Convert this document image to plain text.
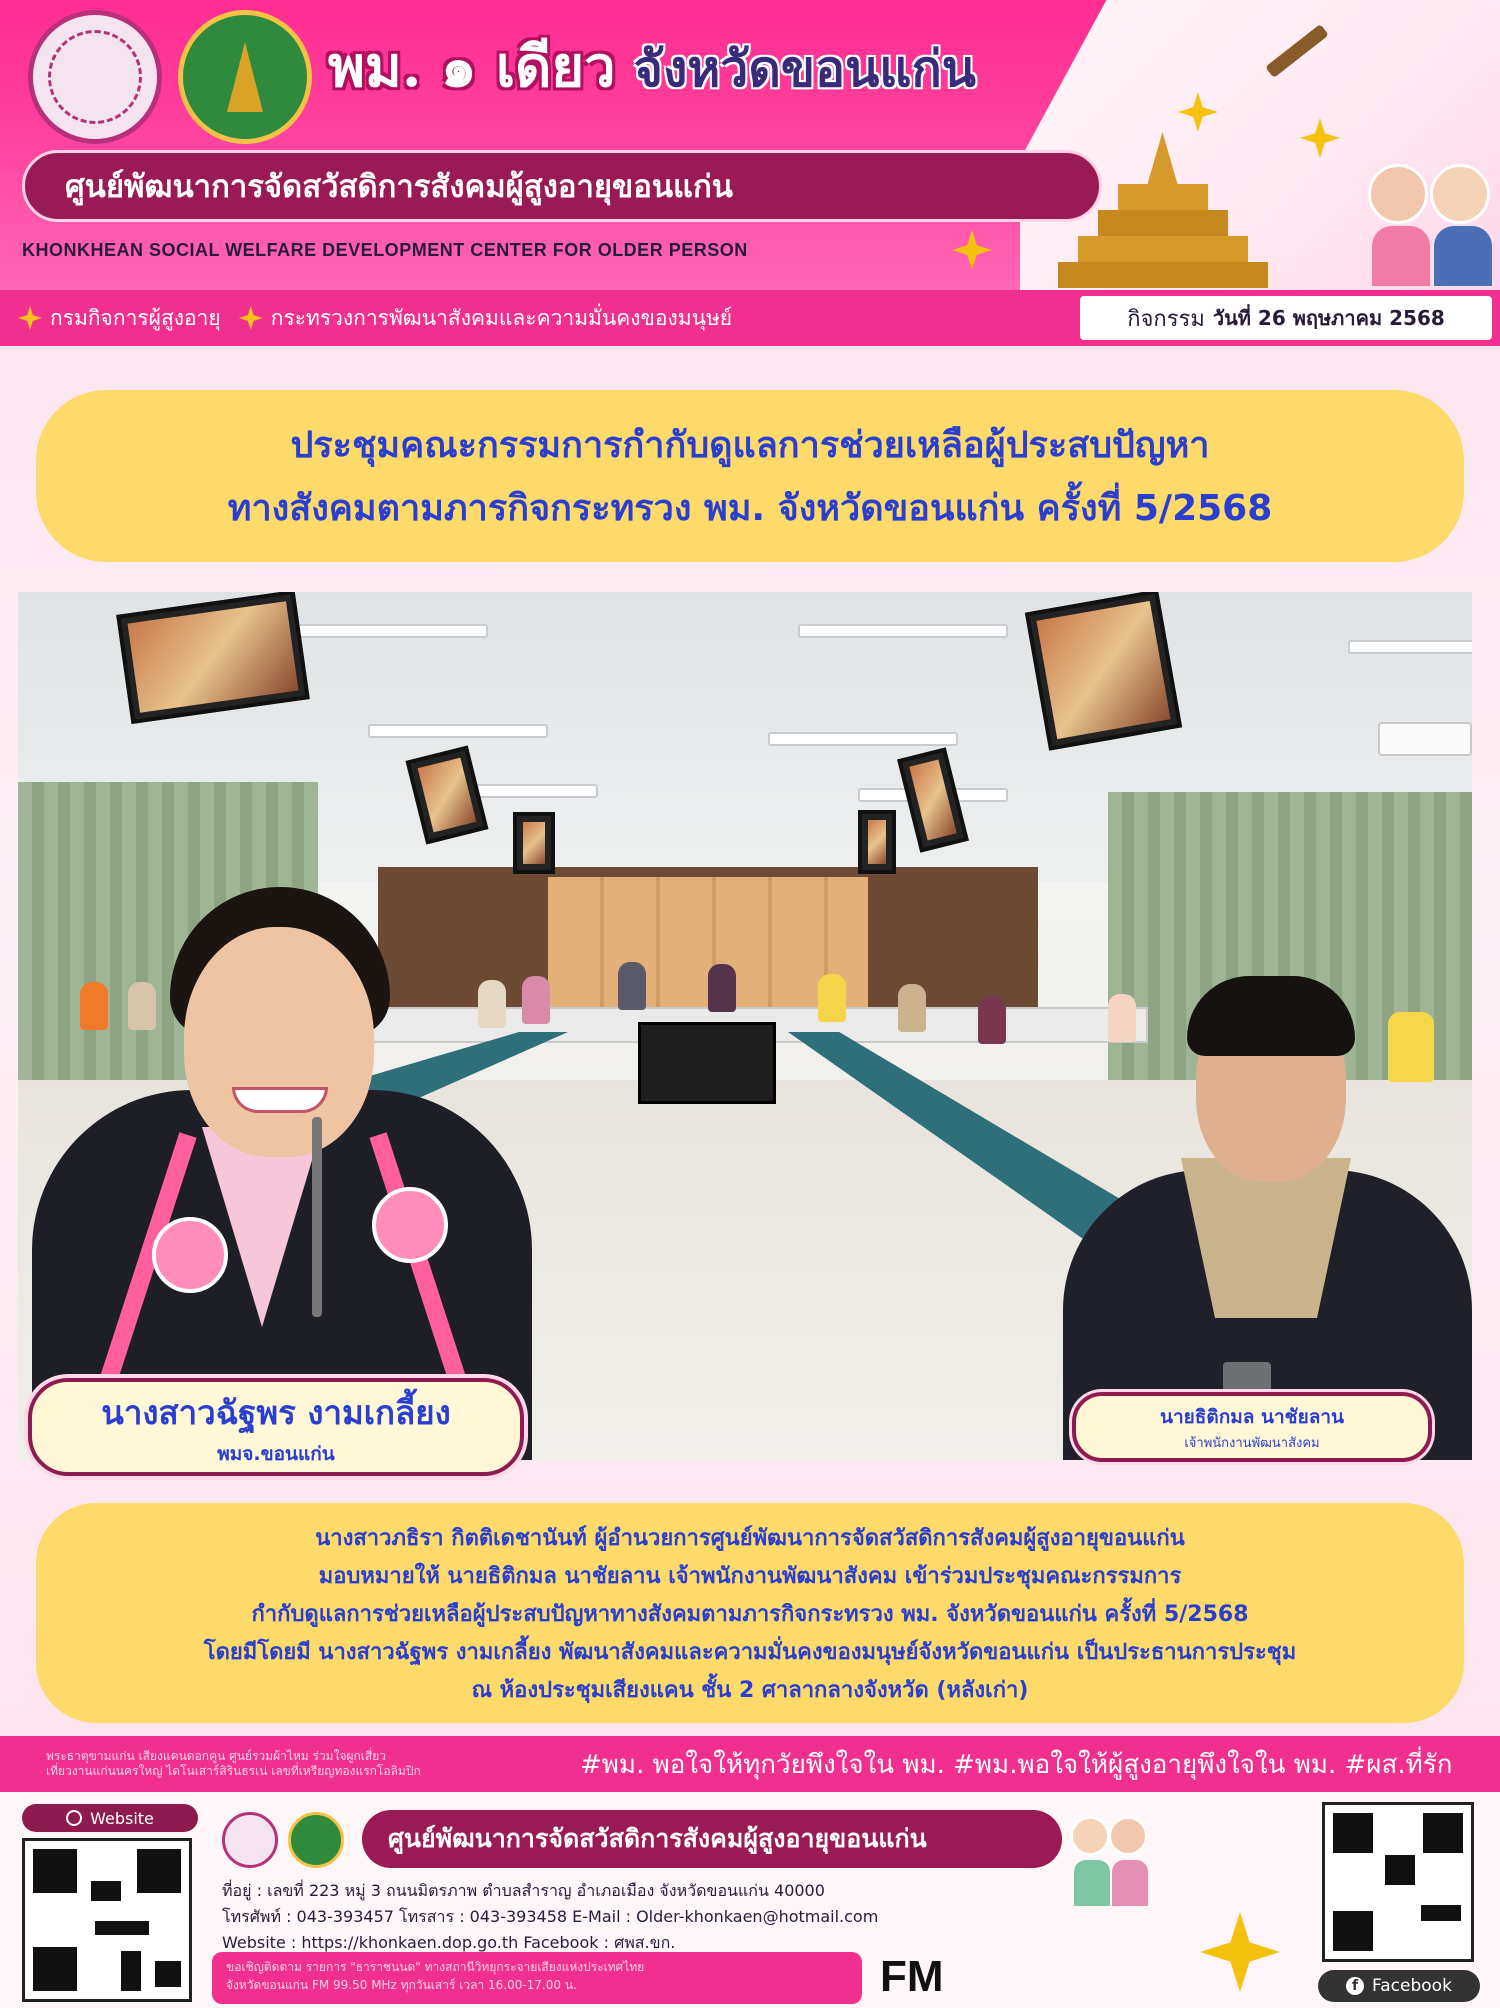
พม. ๑ เดียว จังหวัดขอนแก่น
ศูนย์พัฒนาการจัดสวัสดิการสังคมผู้สูงอายุขอนแก่น
KHONKHEAN SOCIAL WELFARE DEVELOPMENT CENTER FOR OLDER PERSON
กรมกิจการผู้สูงอายุ กระทรวงการพัฒนาสังคมและความมั่นคงของมนุษย์	กิจกรรม วันที่ 26 พฤษภาคม 2568
ประชุมคณะกรรมการกำกับดูแลการช่วยเหลือผู้ประสบปัญหา
ทางสังคมตามภารกิจกระทรวง พม. จังหวัดขอนแก่น ครั้งที่ 5/2568
นางสาวฉัฐพร งามเกลี้ยง
พมจ.ขอนแก่น
นายธิติกมล นาชัยลาน
เจ้าพนักงานพัฒนาสังคม
นางสาวภธิรา กิตติเดชานันท์ ผู้อำนวยการศูนย์พัฒนาการจัดสวัสดิการสังคมผู้สูงอายุขอนแก่น
มอบหมายให้ นายธิติกมล นาชัยลาน เจ้าพนักงานพัฒนาสังคม เข้าร่วมประชุมคณะกรรมการ
กำกับดูแลการช่วยเหลือผู้ประสบปัญหาทางสังคมตามภารกิจกระทรวง พม. จังหวัดขอนแก่น ครั้งที่ 5/2568
โดยมีโดยมี นางสาวฉัฐพร งามเกลี้ยง พัฒนาสังคมและความมั่นคงของมนุษย์จังหวัดขอนแก่น เป็นประธานการประชุม
ณ ห้องประชุมเสียงแคน ชั้น 2 ศาลากลางจังหวัด (หลังเก่า)
พระธาตุขามแก่น เสียงแคนดอกคูน ศูนย์รวมผ้าไหม ร่วมใจผูกเสี่ยว
เที่ยวงานแก่นนครใหญ่ ไดโนเสาร์สิรินธรเน่ เลขที่เหรียญทองแรกโอลิมปิก	#พม. พอใจให้ทุกวัยพึงใจใน พม. #พม.พอใจให้ผู้สูงอายุพึงใจใน พม. #ผส.ที่รัก
Website
ศูนย์พัฒนาการจัดสวัสดิการสังคมผู้สูงอายุขอนแก่น
ที่อยู่ : เลขที่ 223 หมู่ 3 ถนนมิตรภาพ ตำบลสำราญ อำเภอเมือง จังหวัดขอนแก่น 40000
โทรศัพท์ : 043-393457 โทรสาร : 043-393458 E-Mail : Older-khonkaen@hotmail.com
Website : https://khonkaen.dop.go.th Facebook : ศพส.ขก.
ขอเชิญติดตาม รายการ "ธาราชนนด" ทางสถานีวิทยุกระจายเสียงแห่งประเทศไทย
จังหวัดขอนแก่น FM 99.50 MHz ทุกวันเสาร์ เวลา 16.00-17.00 น.	FM	f Facebook
